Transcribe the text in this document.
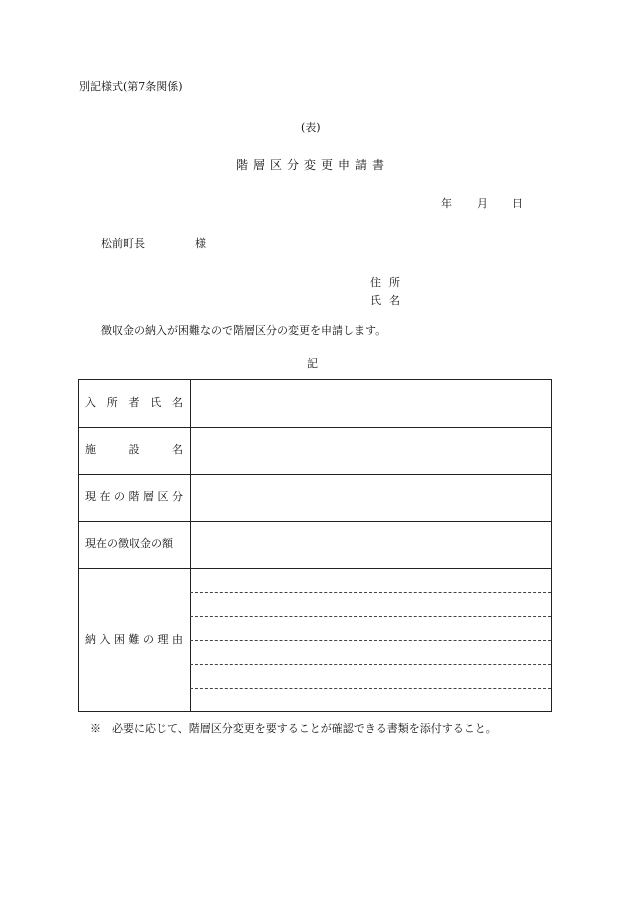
別記様式(第7条関係)
(表)
階層区分変更申請書
年 月 日
松前町長	様
住所
氏名
徴収金の納入が困難なので階層区分の変更を申請します。
記
入 所 者 氏 名
施	設	名
現 在 の 階 層 区 分
現在の徴収金の額
納 入 困 難 の 理 由
※　必要に応じて、階層区分変更を要することが確認できる書類を添付すること。
